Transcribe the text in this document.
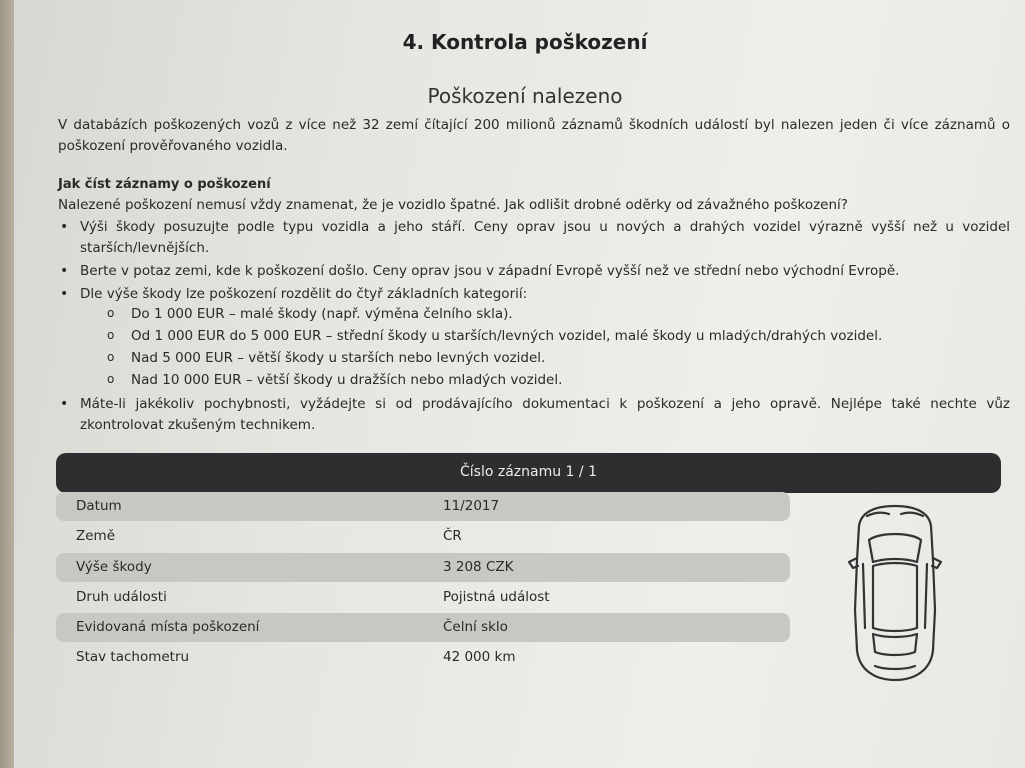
4. Kontrola poškození
Poškození nalezeno
V databázích poškozených vozů z více než 32 zemí čítající 200 milionů záznamů škodních událostí byl nalezen jeden či více záznamů o poškození prověřovaného vozidla.
Jak číst záznamy o poškození
Nalezené poškození nemusí vždy znamenat, že je vozidlo špatné. Jak odlišit drobné oděrky od závažného poškození?
• Výši škody posuzujte podle typu vozidla a jeho stáří. Ceny oprav jsou u nových a drahých vozidel výrazně vyšší než u vozidel starších/levnějších.
• Berte v potaz zemi, kde k poškození došlo. Ceny oprav jsou v západní Evropě vyšší než ve střední nebo východní Evropě.
• Dle výše škody lze poškození rozdělit do čtyř základních kategorií:
o Do 1 000 EUR – malé škody (např. výměna čelního skla).
o Od 1 000 EUR do 5 000 EUR – střední škody u starších/levných vozidel, malé škody u mladých/drahých vozidel.
o Nad 5 000 EUR – větší škody u starších nebo levných vozidel.
o Nad 10 000 EUR – větší škody u dražších nebo mladých vozidel.
• Máte-li jakékoliv pochybnosti, vyžádejte si od prodávajícího dokumentaci k poškození a jeho opravě. Nejlépe také nechte vůz zkontrolovat zkušeným technikem.
Číslo záznamu 1 / 1
Datum	11/2017
Země	ČR
Výše škody	3 208 CZK
Druh události	Pojistná událost
Evidovaná místa poškození	Čelní sklo
Stav tachometru	42 000 km
